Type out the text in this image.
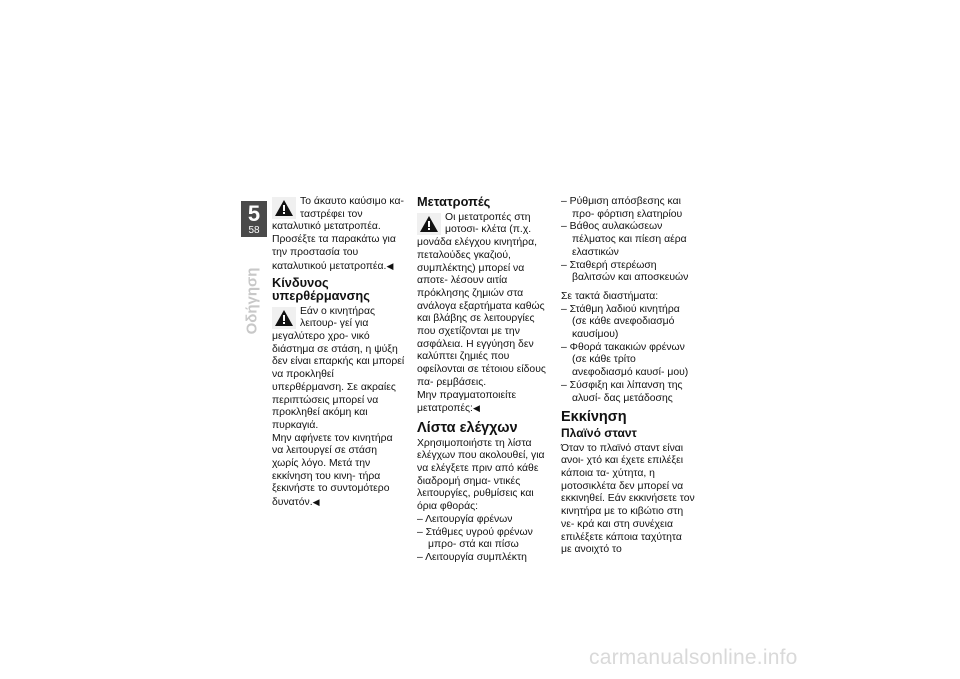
5
58
Οδήγηση

Το άκαυτο καύσιμο κα- ταστρέφει τον καταλυτικό μετατροπέα.

Προσέξτε τα παρακάτω για την προστασία του καταλυτικού μετατροπέα.◀

Κίνδυνος υπερθέρμανσης

Εάν ο κινητήρας λειτουρ- γεί για μεγαλύτερο χρο- νικό διάστημα σε στάση, η ψύξη δεν είναι επαρκής και μπορεί να προκληθεί υπερθέρμανση. Σε ακραίες περιπτώσεις μπορεί να προκληθεί ακόμη και πυρκαγιά.

Μην αφήνετε τον κινητήρα να λειτουργεί σε στάση χωρίς λόγο. Μετά την εκκίνηση του κινη- τήρα ξεκινήστε το συντομότερο δυνατόν.◀

Μετατροπές

Οι μετατροπές στη μοτοσι- κλέτα (π.χ. μονάδα ελέγχου κινητήρα, πεταλούδες γκαζιού, συμπλέκτης) μπορεί να αποτε- λέσουν αιτία πρόκλησης ζημιών στα ανάλογα εξαρτήματα καθώς και βλάβης σε λειτουργίες που σχετίζονται με την ασφάλεια. Η εγγύηση δεν καλύπτει ζημιές που οφείλονται σε τέτοιου είδους πα- ρεμβάσεις.

Μην πραγματοποιείτε μετατροπές:◀

Λίστα ελέγχων

Χρησιμοποιήστε τη λίστα ελέγχων που ακολουθεί, για να ελέγξετε πριν από κάθε διαδρομή σημα- ντικές λειτουργίες, ρυθμίσεις και όρια φθοράς:

– Λειτουργία φρένων
– Στάθμες υγρού φρένων μπρο- στά και πίσω
– Λειτουργία συμπλέκτη
– Ρύθμιση απόσβεσης και προ- φόρτιση ελατηρίου
– Βάθος αυλακώσεων πέλματος και πίεση αέρα ελαστικών
– Σταθερή στερέωση βαλιτσών και αποσκευών

Σε τακτά διαστήματα:

– Στάθμη λαδιού κινητήρα (σε κάθε ανεφοδιασμό καυσίμου)
– Φθορά τακακιών φρένων (σε κάθε τρίτο ανεφοδιασμό καυσί- μου)
– Σύσφιξη και λίπανση της αλυσί- δας μετάδοσης
Εκκίνηση
Πλαϊνό σταντ

Όταν το πλαϊνό σταντ είναι ανοι- χτό και έχετε επιλέξει κάποια τα- χύτητα, η μοτοσικλέτα δεν μπορεί να εκκινηθεί. Εάν εκκινήσετε τον κινητήρα με το κιβώτιο στη νε- κρά και στη συνέχεια επιλέξετε κάποια ταχύτητα με ανοιχτό το

carmanualsonline.info
